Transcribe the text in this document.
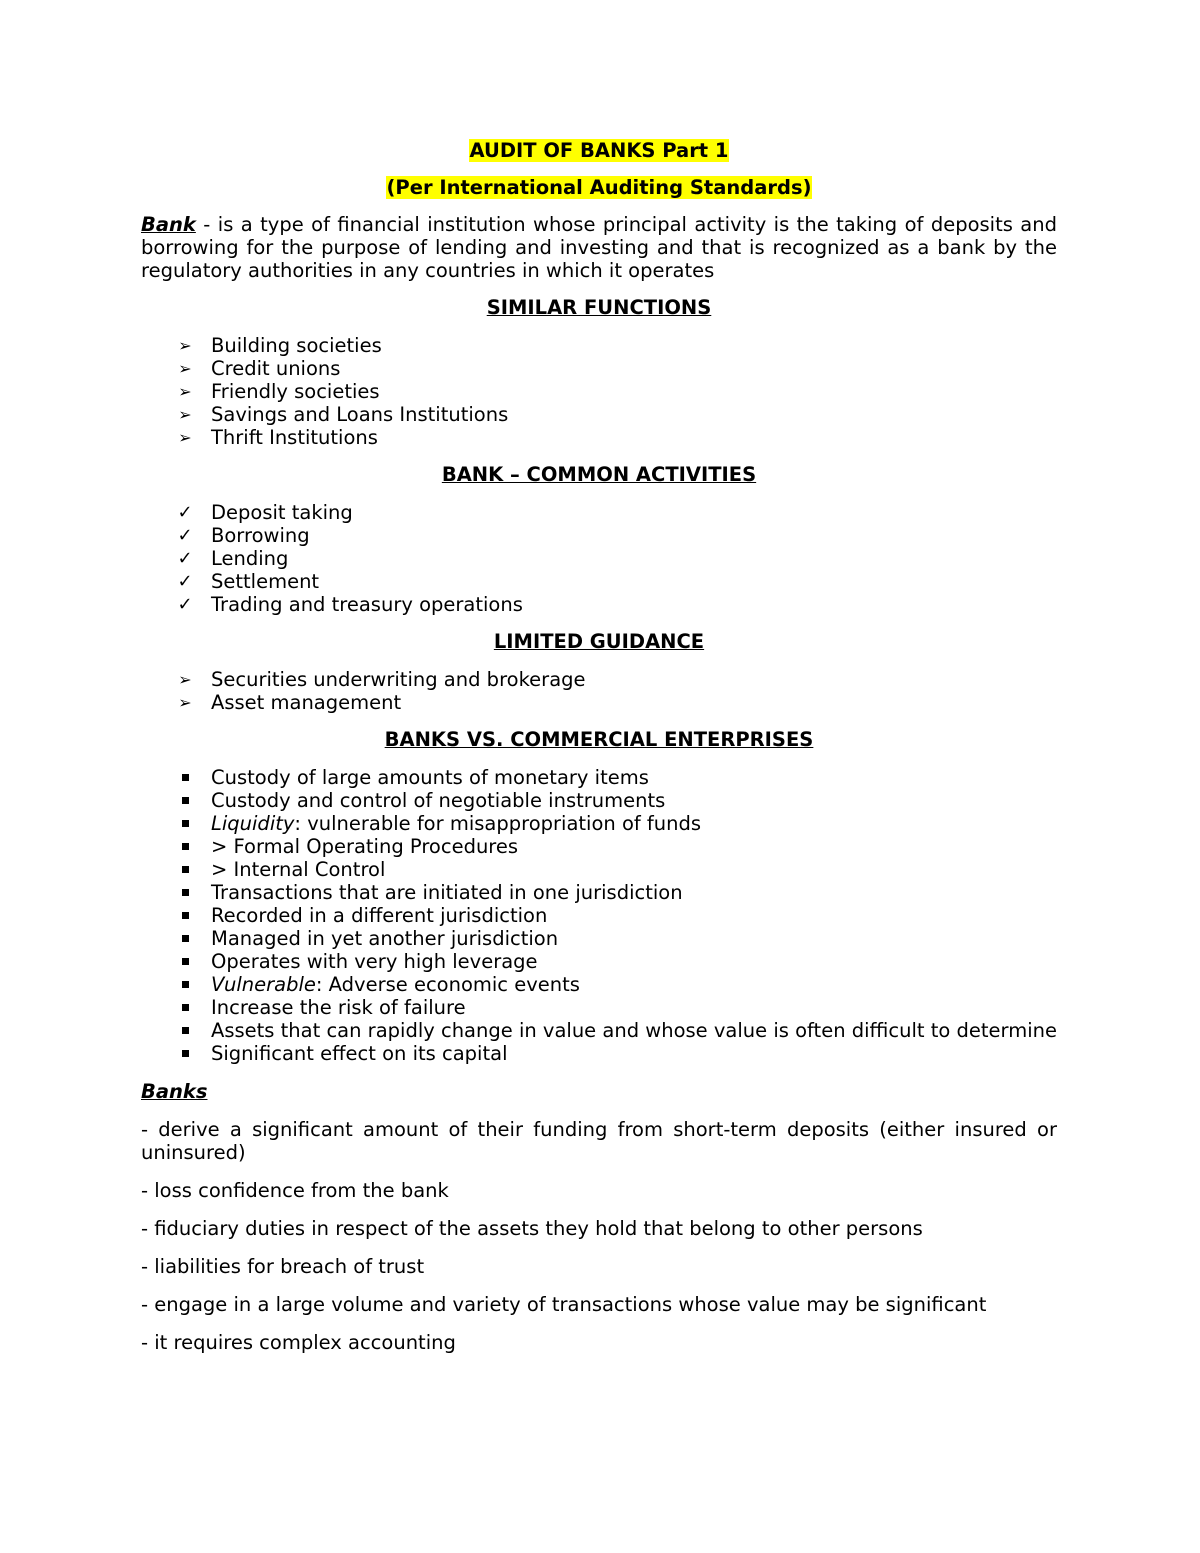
AUDIT OF BANKS Part 1
(Per International Auditing Standards)

Bank - is a type of financial institution whose principal activity is the taking of deposits and borrowing for the purpose of lending and investing and that is recognized as a bank by the regulatory authorities in any countries in which it operates

SIMILAR FUNCTIONS
➢ Building societies
➢ Credit unions
➢ Friendly societies
➢ Savings and Loans Institutions
➢ Thrift Institutions
BANK – COMMON ACTIVITIES
✓ Deposit taking
✓ Borrowing
✓ Lending
✓ Settlement
✓ Trading and treasury operations
LIMITED GUIDANCE
➢ Securities underwriting and brokerage
➢ Asset management
BANKS VS. COMMERCIAL ENTERPRISES
Custody of large amounts of monetary items
Custody and control of negotiable instruments
Liquidity: vulnerable for misappropriation of funds
> Formal Operating Procedures
> Internal Control
Transactions that are initiated in one jurisdiction
Recorded in a different jurisdiction
Managed in yet another jurisdiction
Operates with very high leverage
Vulnerable: Adverse economic events
Increase the risk of failure
Assets that can rapidly change in value and whose value is often difficult to determine
Significant effect on its capital

Banks

- derive a significant amount of their funding from short-term deposits (either insured or uninsured)

- loss confidence from the bank

- fiduciary duties in respect of the assets they hold that belong to other persons

- liabilities for breach of trust

- engage in a large volume and variety of transactions whose value may be significant

- it requires complex accounting
